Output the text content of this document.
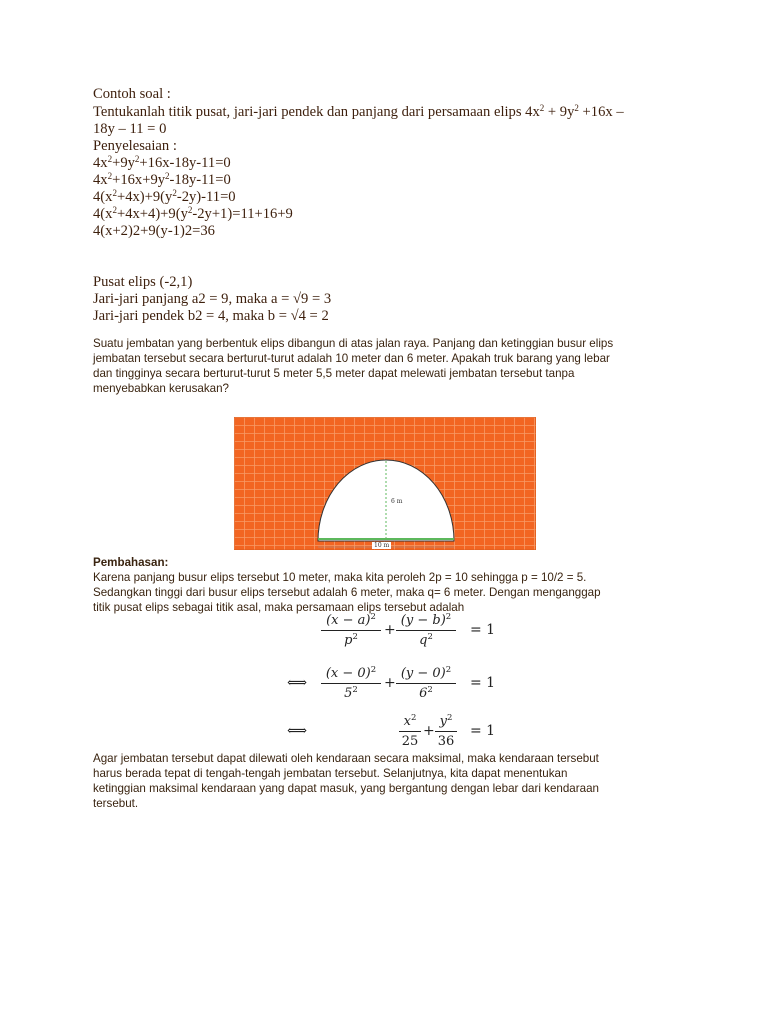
Contoh soal :
Tentukanlah titik pusat, jari-jari pendek dan panjang dari persamaan elips $4x^2 + 9y^2 +16x$ –
18y – 11 = 0
Penyelesaian :
$4x^2+9y^2+16x-18y-11=0$
$4x^2+16x+9y^2-18y-11=0$
$4(x^2+4x)+9(y^2-2y)-11=0$
$4(x^2+4x+4)+9(y^2-2y+1)=11+16+9$
4(x+2)2+9(y-1)2=36
Pusat elips (-2,1)
Jari-jari panjang a2 = 9, maka a = √9 = 3
Jari-jari pendek b2 = 4, maka b = √4 = 2
Suatu jembatan yang berbentuk elips dibangun di atas jalan raya. Panjang dan ketinggian busur elips
jembatan tersebut secara berturut-turut adalah 10 meter dan 6 meter. Apakah truk barang yang lebar
dan tingginya secara berturut-turut 5 meter 5,5 meter dapat melewati jembatan tersebut tanpa
menyebabkan kerusakan?
6 m
10 m
Pembahasan:
Karena panjang busur elips tersebut 10 meter, maka kita peroleh 2p = 10 sehingga p = 10/2 = 5.
Sedangkan tinggi dari busur elips tersebut adalah 6 meter, maka q= 6 meter. Dengan menganggap
titik pusat elips sebagai titik asal, maka persamaan elips tersebut adalah
$(x - a)^2$
$p^2$	+
$(y - b)^2$
$q^2$	= 1
⟺
$(x - 0)^2$
$5^2$	+
$(y - 0)^2$
$6^2$	= 1
⟺
$x^2$
25
+
$y^2$
36
= 1
Agar jembatan tersebut dapat dilewati oleh kendaraan secara maksimal, maka kendaraan tersebut
harus berada tepat di tengah-tengah jembatan tersebut. Selanjutnya, kita dapat menentukan
ketinggian maksimal kendaraan yang dapat masuk, yang bergantung dengan lebar dari kendaraan
tersebut.
